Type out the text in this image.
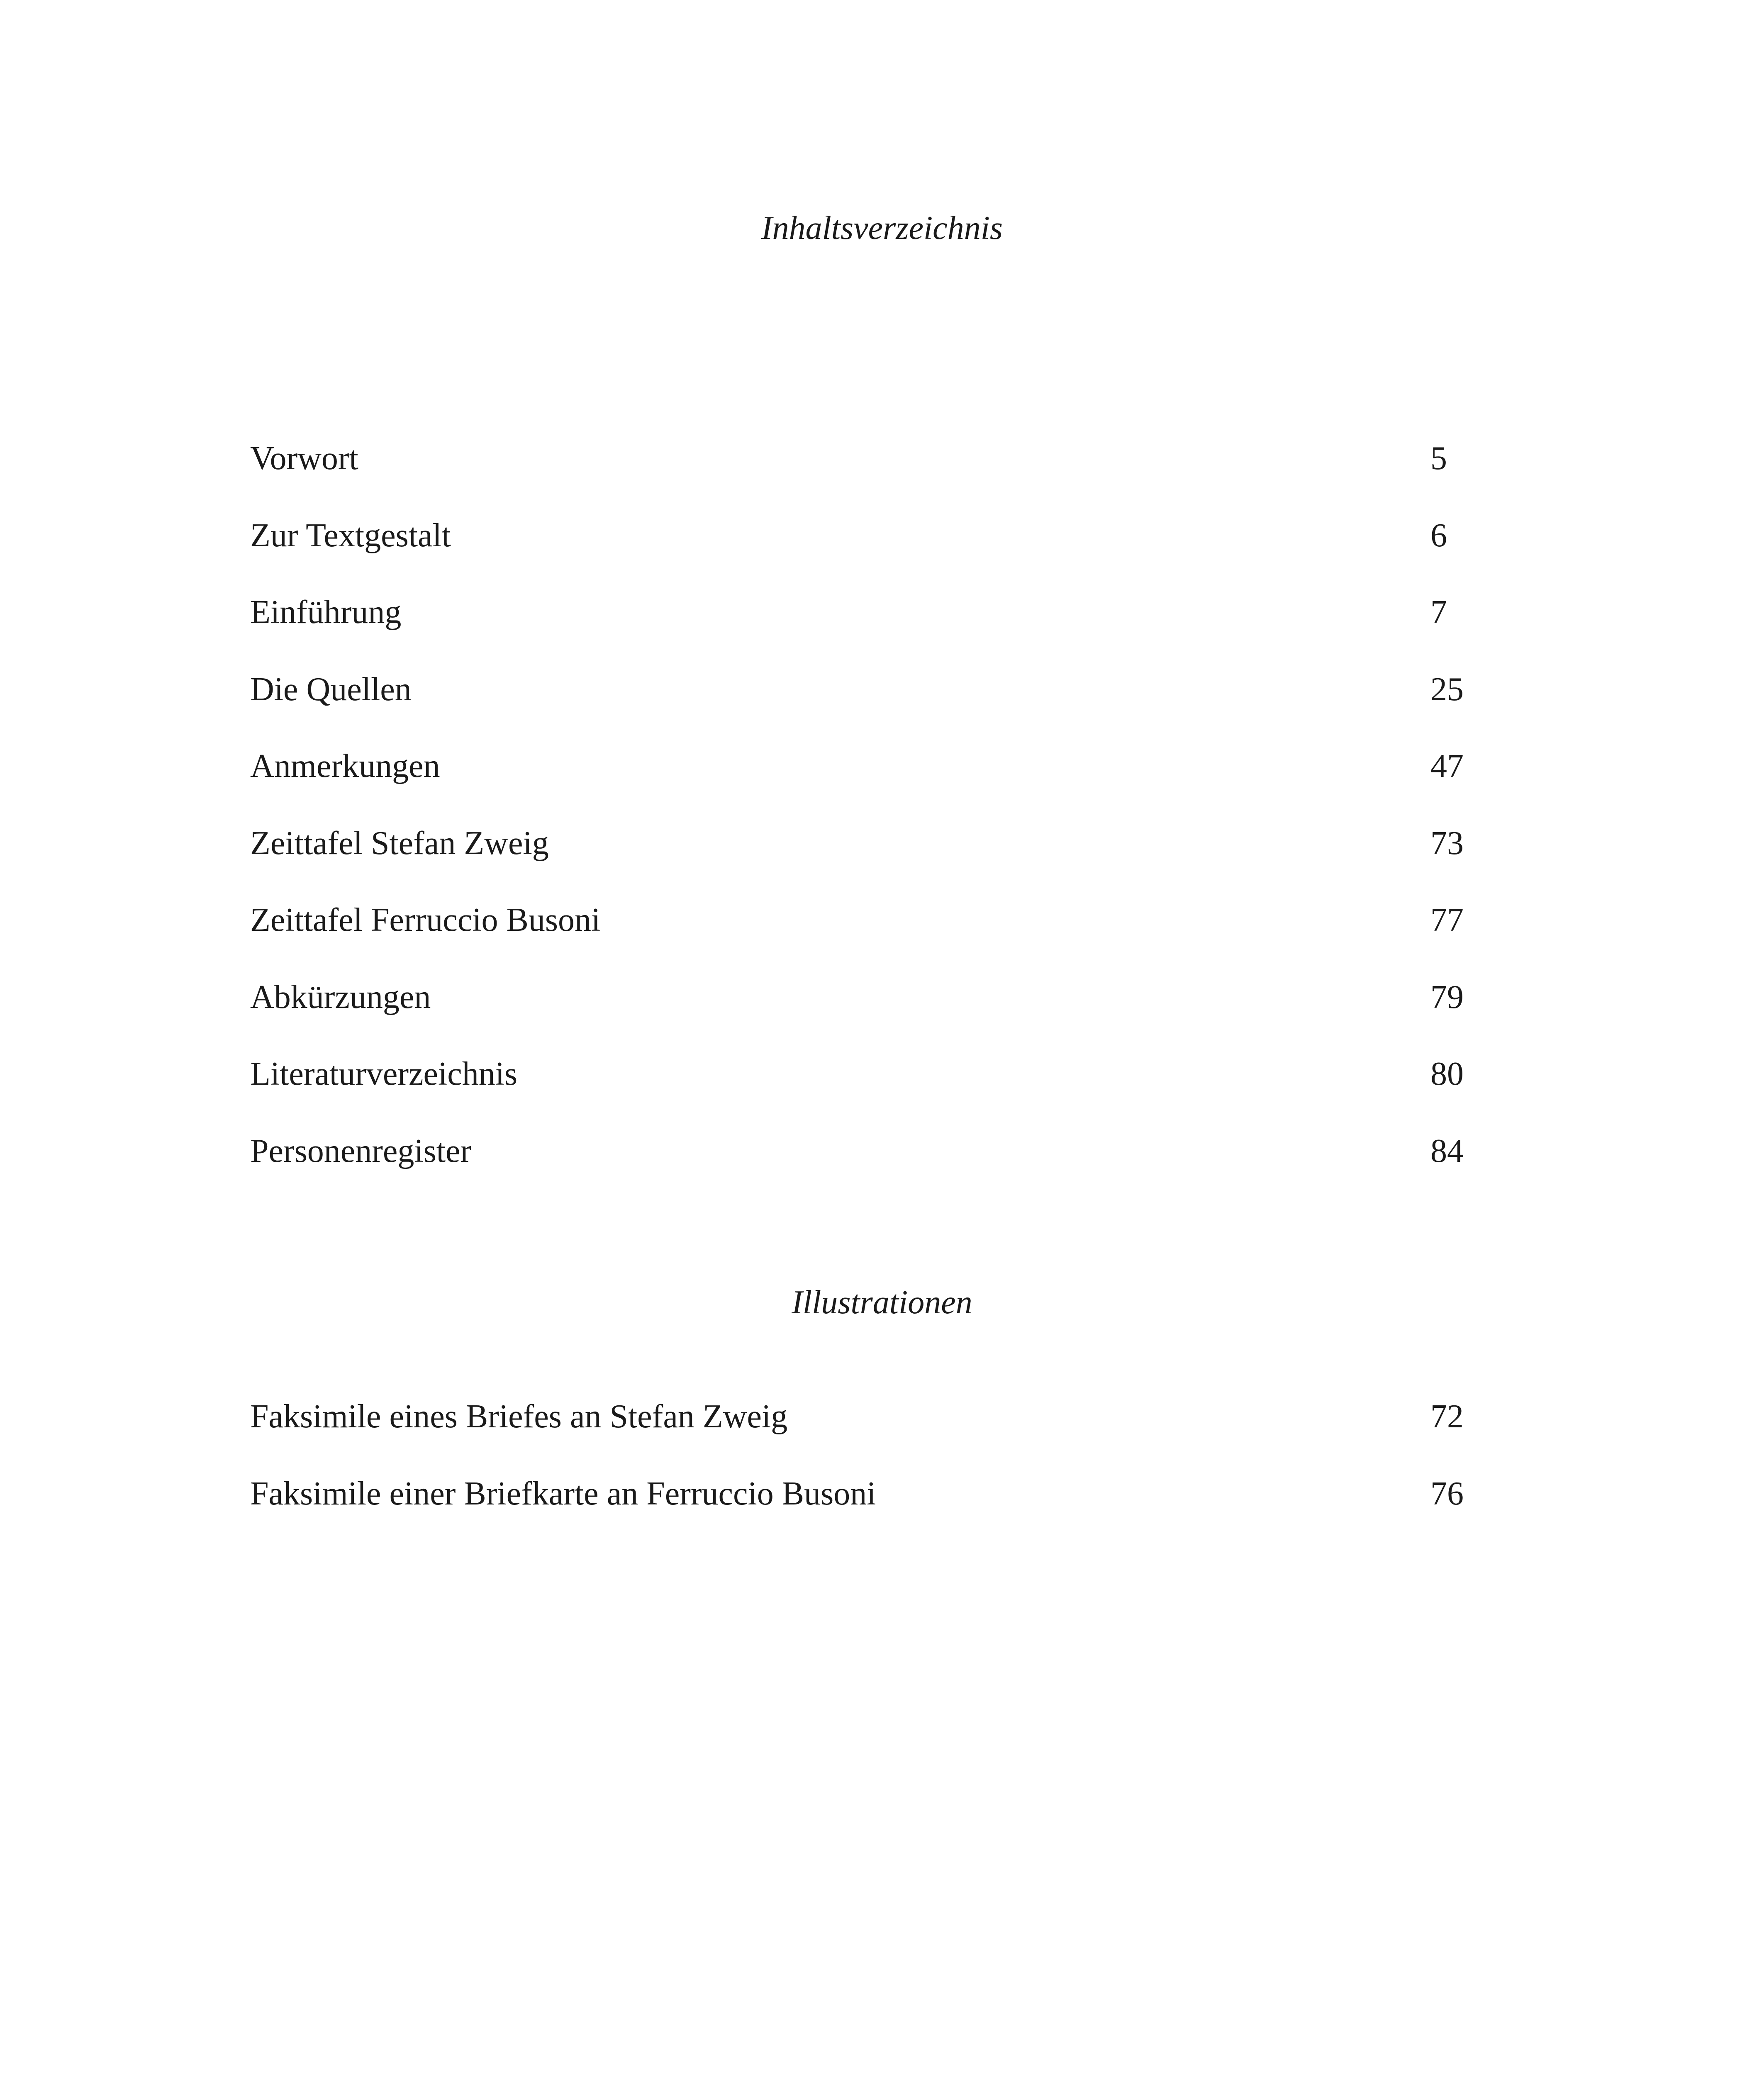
Inhaltsverzeichnis
Vorwort	5
Zur Textgestalt	6
Einführung	7
Die Quellen	25
Anmerkungen	47
Zeittafel Stefan Zweig	73
Zeittafel Ferruccio Busoni	77
Abkürzungen	79
Literaturverzeichnis	80
Personenregister	84
Illustrationen
Faksimile eines Briefes an Stefan Zweig	72
Faksimile einer Briefkarte an Ferruccio Busoni	76
